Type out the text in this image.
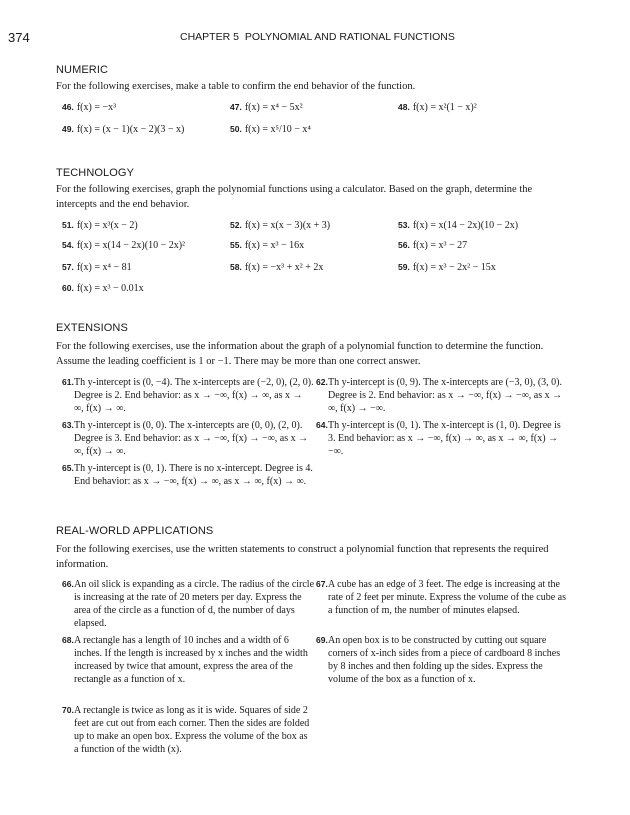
374	CHAPTER 5 POLYNOMIAL AND RATIONAL FUNCTIONS
NUMERIC
For the following exercises, make a table to confirm the end behavior of the function.
46. f(x) = −x³	47. f(x) = x⁴ − 5x²	48. f(x) = x²(1 − x)²
49. f(x) = (x − 1)(x − 2)(3 − x)	50. f(x) = x⁵/10 − x⁴
TECHNOLOGY
For the following exercises, graph the polynomial functions using a calculator. Based on the graph, determine the intercepts and the end behavior.
51. f(x) = x³(x − 2)	52. f(x) = x(x − 3)(x + 3)	53. f(x) = x(14 − 2x)(10 − 2x)
54. f(x) = x(14 − 2x)(10 − 2x)²	55. f(x) = x³ − 16x	56. f(x) = x³ − 27
57. f(x) = x⁴ − 81	58. f(x) = −x³ + x² + 2x	59. f(x) = x³ − 2x² − 15x
60. f(x) = x³ − 0.01x
EXTENSIONS
For the following exercises, use the information about the graph of a polynomial function to determine the function. Assume the leading coefficient is 1 or −1. There may be more than one correct answer.
61. Th y-intercept is (0, −4). The x-intercepts are (−2, 0), (2, 0). Degree is 2. End behavior: as x → −∞, f(x) → ∞, as x → ∞, f(x) → ∞.
62. Th y-intercept is (0, 9). The x-intercepts are (−3, 0), (3, 0). Degree is 2. End behavior: as x → −∞, f(x) → −∞, as x → ∞, f(x) → −∞.
63. Th y-intercept is (0, 0). The x-intercepts are (0, 0), (2, 0). Degree is 3. End behavior: as x → −∞, f(x) → −∞, as x → ∞, f(x) → ∞.
64. Th y-intercept is (0, 1). The x-intercept is (1, 0). Degree is 3. End behavior: as x → −∞, f(x) → ∞, as x → ∞, f(x) → −∞.
65. Th y-intercept is (0, 1). There is no x-intercept. Degree is 4. End behavior: as x → −∞, f(x) → ∞, as x → ∞, f(x) → ∞.
REAL-WORLD APPLICATIONS
For the following exercises, use the written statements to construct a polynomial function that represents the required information.
66. An oil slick is expanding as a circle. The radius of the circle is increasing at the rate of 20 meters per day. Express the area of the circle as a function of d, the number of days elapsed.
67. A cube has an edge of 3 feet. The edge is increasing at the rate of 2 feet per minute. Express the volume of the cube as a function of m, the number of minutes elapsed.
68. A rectangle has a length of 10 inches and a width of 6 inches. If the length is increased by x inches and the width increased by twice that amount, express the area of the rectangle as a function of x.
69. An open box is to be constructed by cutting out square corners of x-inch sides from a piece of cardboard 8 inches by 8 inches and then folding up the sides. Express the volume of the box as a function of x.
70. A rectangle is twice as long as it is wide. Squares of side 2 feet are cut out from each corner. Then the sides are folded up to make an open box. Express the volume of the box as a function of the width (x).
